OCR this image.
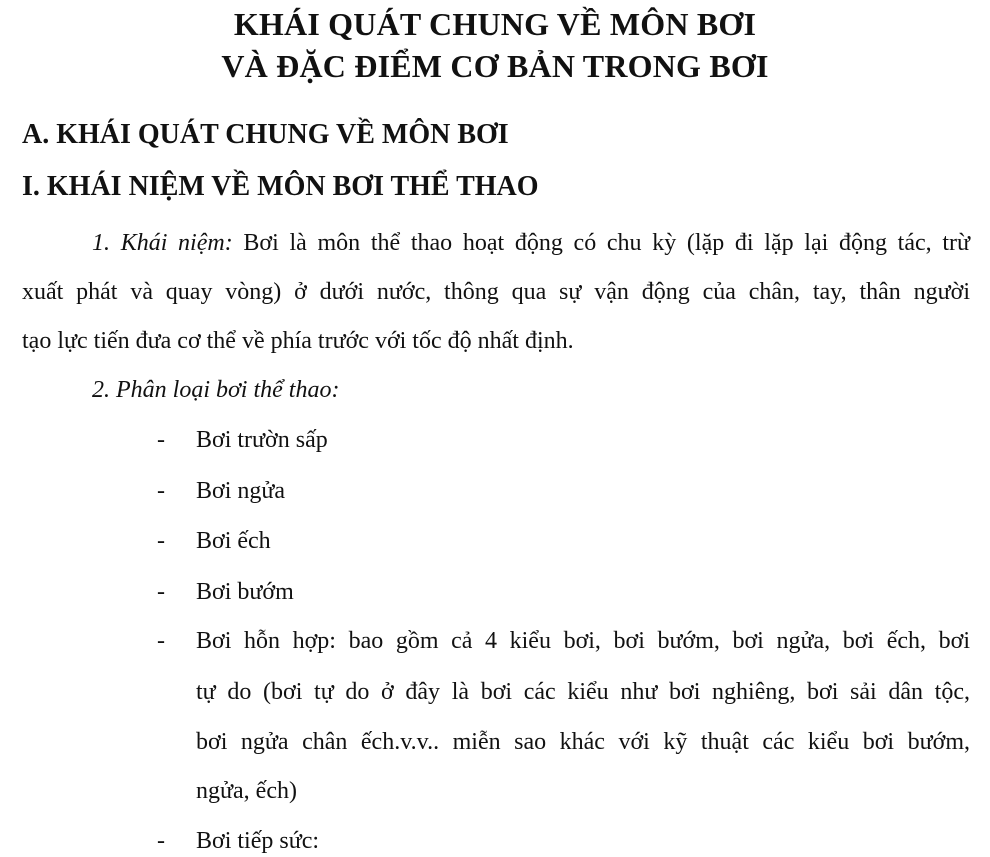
KHÁI QUÁT CHUNG VỀ MÔN BƠI
VÀ ĐẶC ĐIỂM CƠ BẢN TRONG BƠI
A. KHÁI QUÁT CHUNG VỀ MÔN BƠI
I. KHÁI NIỆM VỀ MÔN BƠI THỂ THAO
1. Khái niệm: Bơi là môn thể thao hoạt động có chu kỳ (lặp đi lặp lại động tác, trừ
xuất phát và quay vòng) ở dưới nước, thông qua sự vận động của chân, tay, thân người
tạo lực tiến đưa cơ thể về phía trước với tốc độ nhất định.
2. Phân loại bơi thể thao:
- Bơi trườn sấp
- Bơi ngửa
- Bơi ếch
- Bơi bướm
- Bơi hỗn hợp: bao gồm cả 4 kiểu bơi, bơi bướm, bơi ngửa, bơi ếch, bơi
tự do (bơi tự do ở đây là bơi các kiểu như bơi nghiêng, bơi sải dân tộc,
bơi ngửa chân ếch.v.v.. miễn sao khác với kỹ thuật các kiểu bơi bướm,
ngửa, ếch)
- Bơi tiếp sức:
